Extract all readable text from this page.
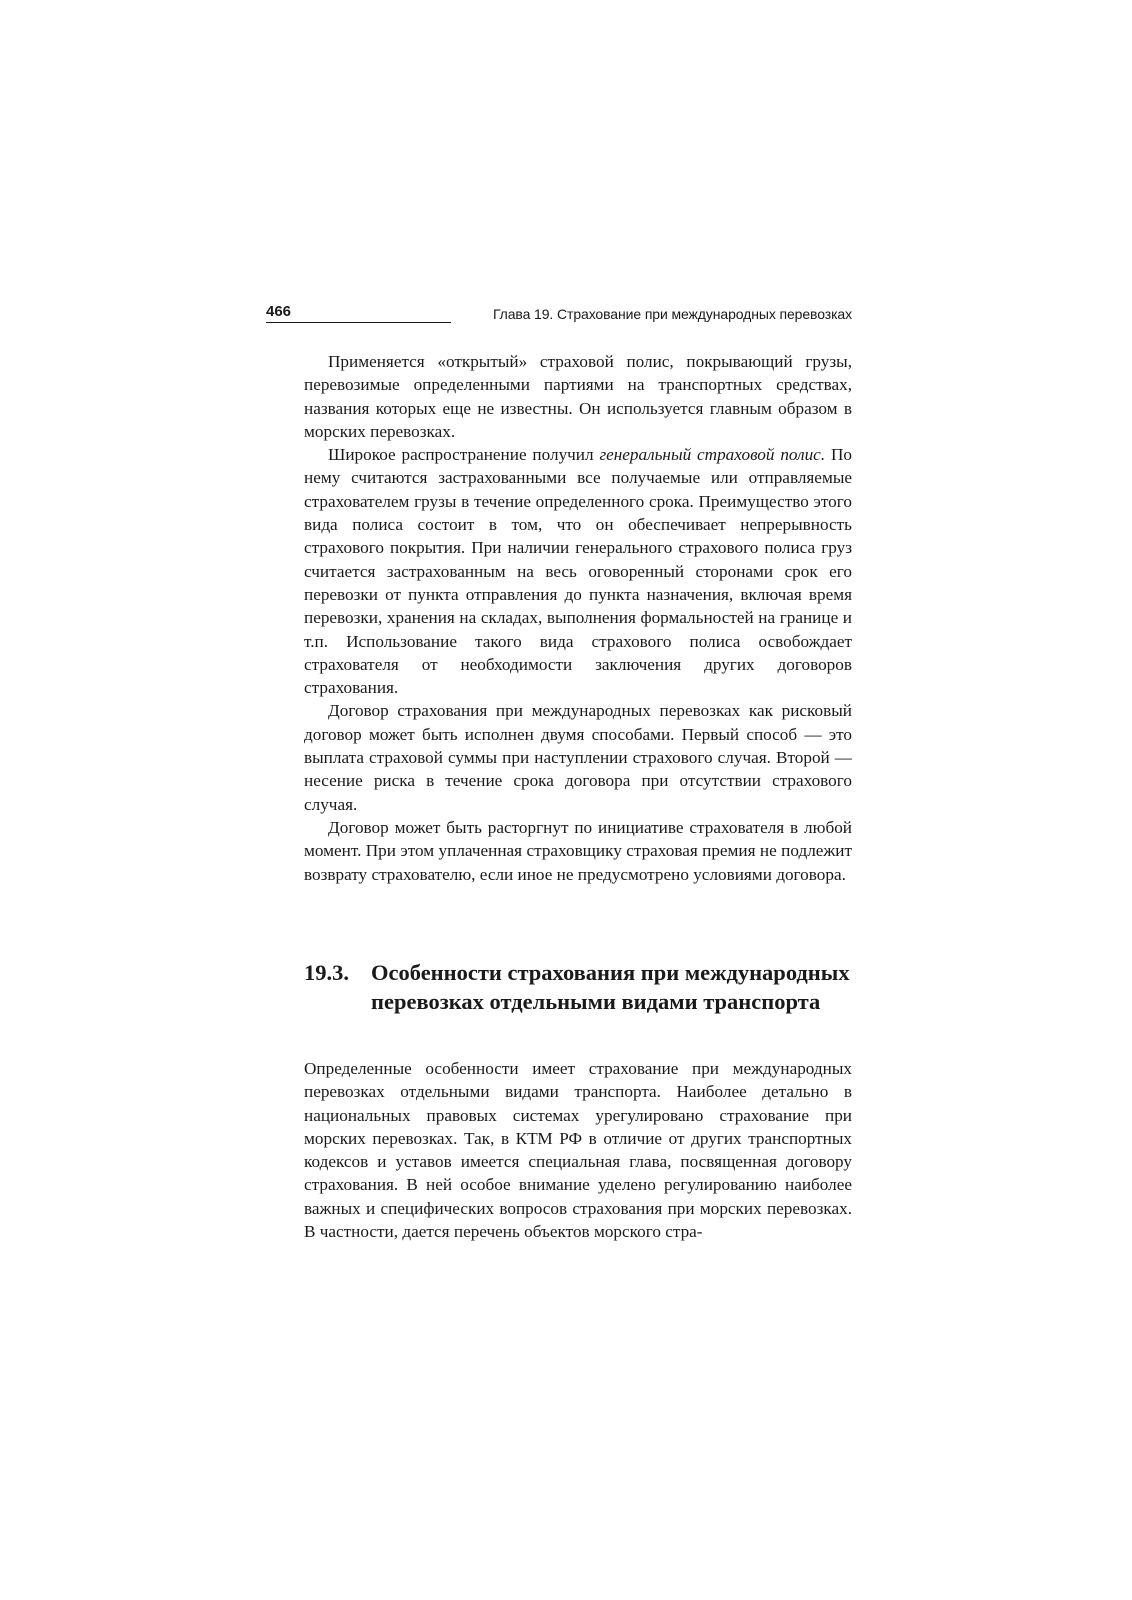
466	Глава 19. Страхование при международных перевозках

Применяется «открытый» страховой полис, покрывающий грузы, перевозимые определенными партиями на транспортных средствах, названия которых еще не известны. Он используется главным образом в морских перевозках.

Широкое распространение получил генеральный страховой полис. По нему считаются застрахованными все получаемые или отправляемые страхователем грузы в течение определенного срока. Преимущество этого вида полиса состоит в том, что он обеспечивает непрерывность страхового покрытия. При наличии генерального страхового полиса груз считается застрахованным на весь оговоренный сторонами срок его перевозки от пункта отправления до пункта назначения, включая время перевозки, хранения на складах, выполнения формальностей на границе и т.п. Использование такого вида страхового полиса освобождает страхователя от необходимости заключения других договоров страхования.

Договор страхования при международных перевозках как рисковый договор может быть исполнен двумя способами. Первый способ — это выплата страховой суммы при наступлении страхового случая. Второй — несение риска в течение срока договора при отсутствии страхового случая.

Договор может быть расторгнут по инициативе страхователя в любой момент. При этом уплаченная страховщику страховая премия не подлежит возврату страхователю, если иное не предусмотрено условиями договора.

19.3. Особенности страхования при международных перевозках отдельными видами транспорта

Определенные особенности имеет страхование при международных перевозках отдельными видами транспорта. Наиболее детально в национальных правовых системах урегулировано страхование при морских перевозках. Так, в КТМ РФ в отличие от других транспортных кодексов и уставов имеется специальная глава, посвященная договору страхования. В ней особое внимание уделено регулированию наиболее важных и специфических вопросов страхования при морских перевозках. В частности, дается перечень объектов морского стра-
